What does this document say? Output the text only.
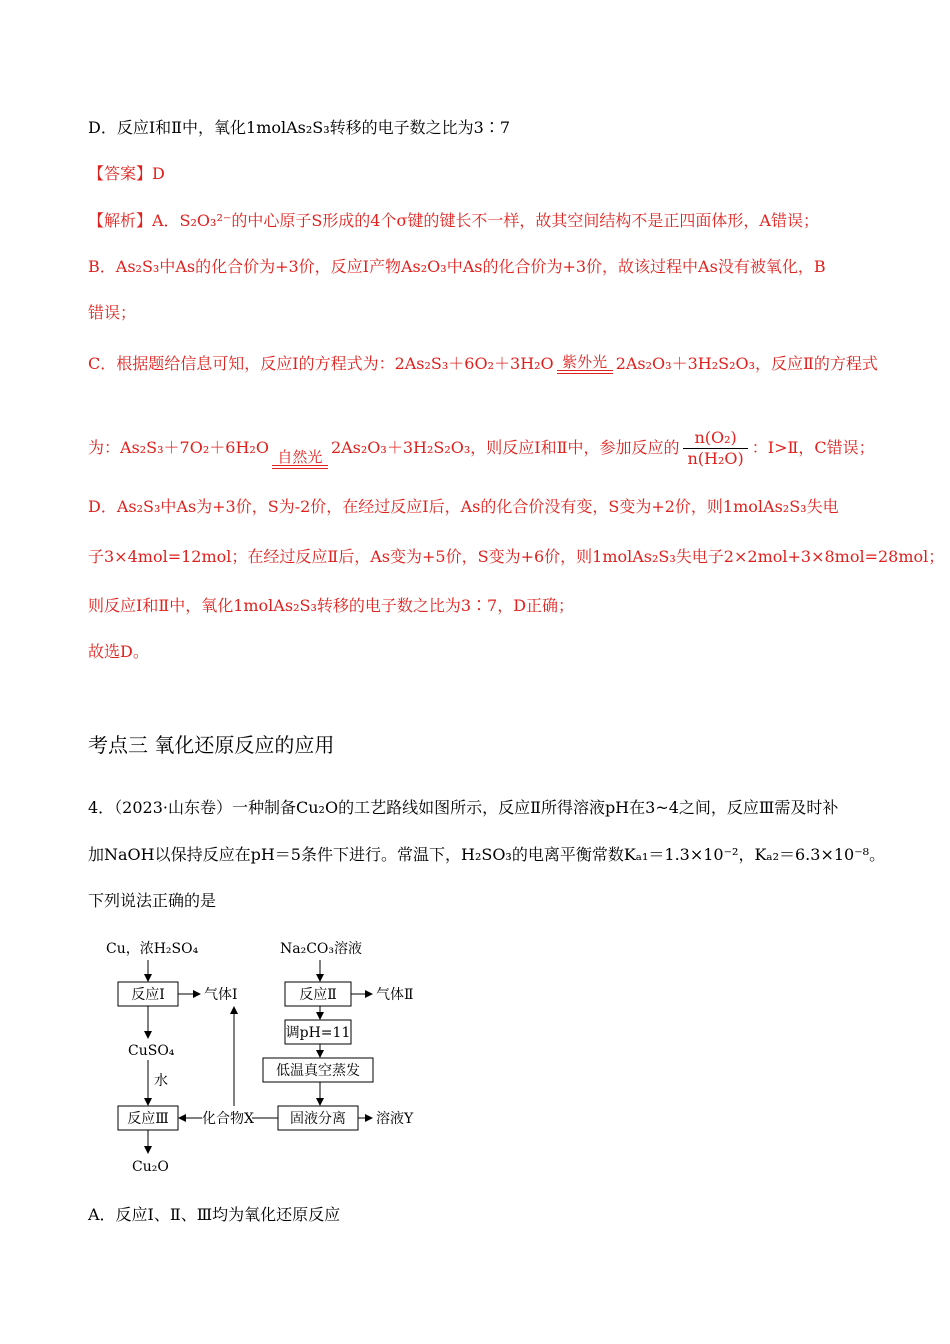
D．反应Ⅰ和Ⅱ中，氧化1molAs₂S₃转移的电子数之比为3∶7
【答案】D
【解析】A．S₂O₃²⁻的中心原子S形成的4个σ键的键长不一样，故其空间结构不是正四面体形，A错误；
B．As₂S₃中As的化合价为+3价，反应Ⅰ产物As₂O₃中As的化合价为+3价，故该过程中As没有被氧化，B
错误；
C．根据题给信息可知，反应Ⅰ的方程式为：2As₂S₃＋6O₂＋3H₂O 紫外光 2As₂O₃＋3H₂S₂O₃，反应Ⅱ的方程式
为：As₂S₃＋7O₂＋6H₂O 自然光 2As₂O₃＋3H₂S₂O₃，则反应Ⅰ和Ⅱ中，参加反应的 $\frac{\text{n(O₂)}}{\text{n(H₂O)}}$ ：Ⅰ>Ⅱ，C错误；
D．As₂S₃中As为+3价，S为-2价，在经过反应Ⅰ后，As的化合价没有变，S变为+2价，则1molAs₂S₃失电
子3×4mol=12mol；在经过反应Ⅱ后，As变为+5价，S变为+6价，则1molAs₂S₃失电子2×2mol+3×8mol=28mol；
则反应Ⅰ和Ⅱ中，氧化1molAs₂S₃转移的电子数之比为3∶7，D正确；
故选D。
考点三 氧化还原反应的应用
4．（2023·山东卷）一种制备Cu₂O的工艺路线如图所示，反应Ⅱ所得溶液pH在3~4之间，反应Ⅲ需及时补
加NaOH以保持反应在pH＝5条件下进行。常温下，H₂SO₃的电离平衡常数Kₐ₁＝1.3×10⁻²，Kₐ₂＝6.3×10⁻⁸。
下列说法正确的是
Cu，浓H₂SO₄	Na₂CO₃溶液
反应Ⅰ	气体Ⅰ	反应Ⅱ	气体Ⅱ
调pH=11
低温真空蒸发
固液分离 溶液Y
化合物X
反应Ⅲ
CuSO₄
水
Cu₂O
A．反应Ⅰ、Ⅱ、Ⅲ均为氧化还原反应
